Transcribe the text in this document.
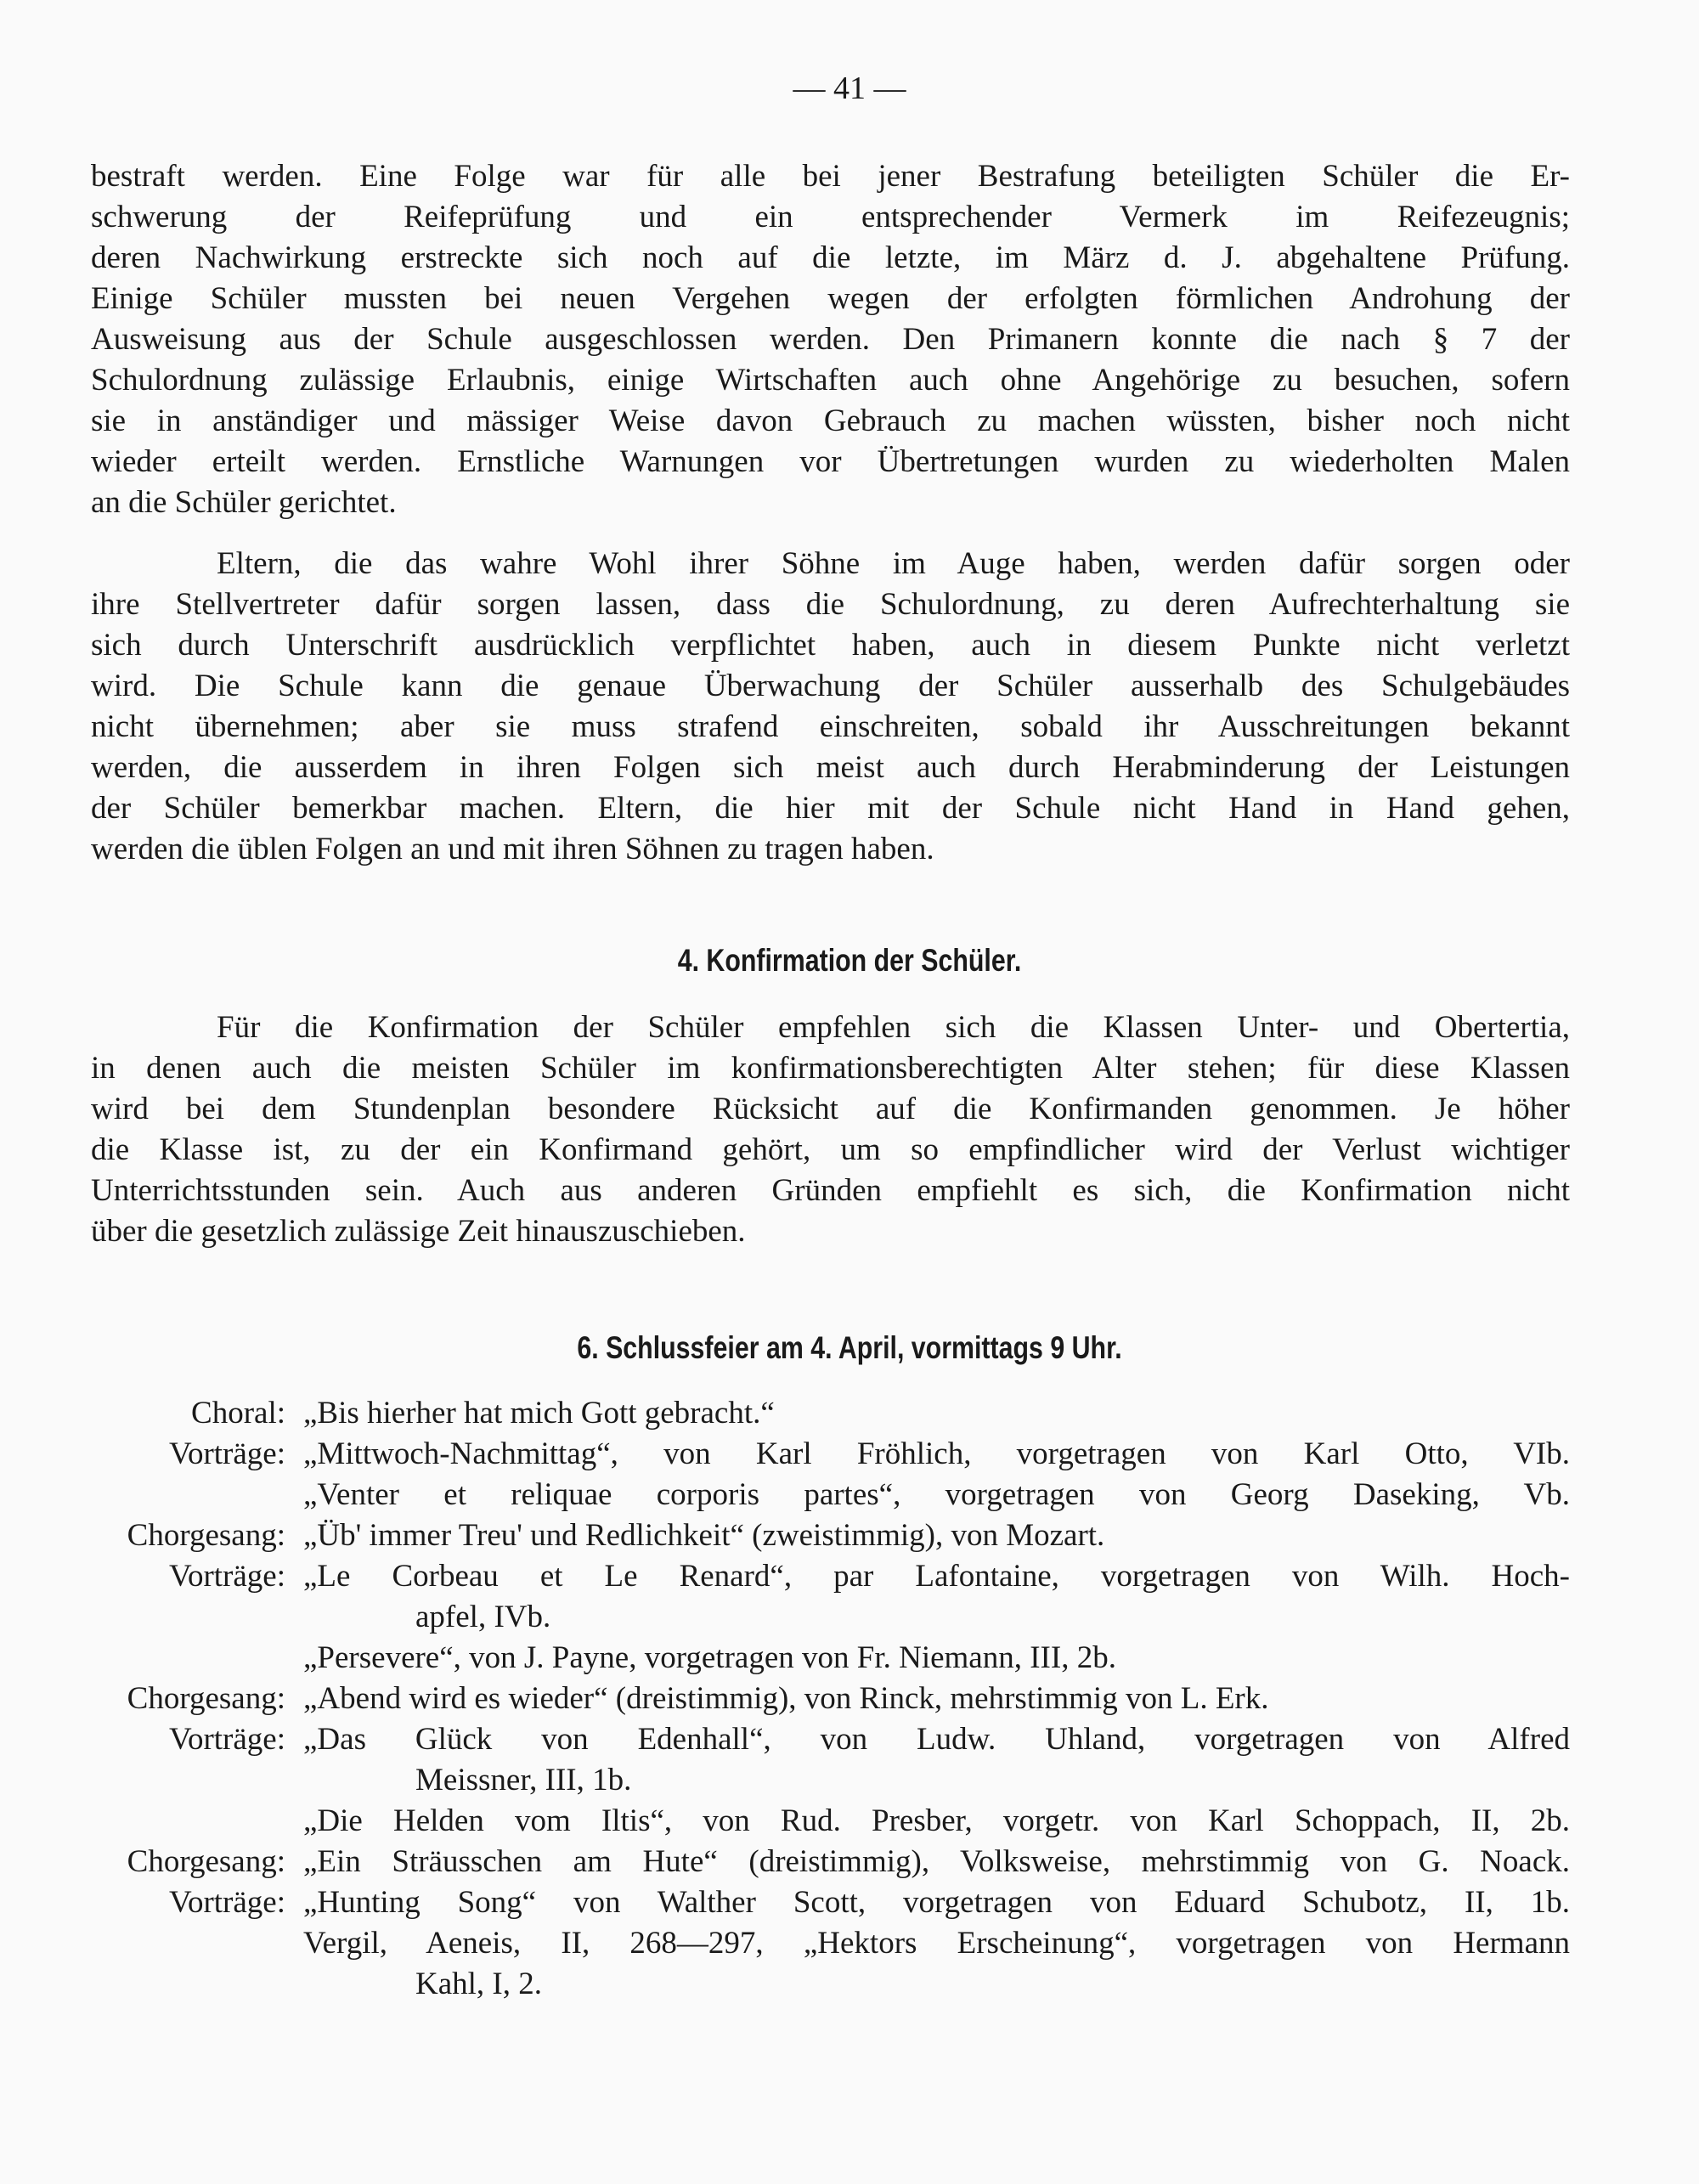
— 41 —
bestraft werden. Eine Folge war für alle bei jener Bestrafung beteiligten Schüler die Er-
schwerung der Reifeprüfung und ein entsprechender Vermerk im Reifezeugnis;
deren Nachwirkung erstreckte sich noch auf die letzte, im März d. J. abgehaltene Prüfung.
Einige Schüler mussten bei neuen Vergehen wegen der erfolgten förmlichen Androhung der
Ausweisung aus der Schule ausgeschlossen werden. Den Primanern konnte die nach § 7 der
Schulordnung zulässige Erlaubnis, einige Wirtschaften auch ohne Angehörige zu besuchen, sofern
sie in anständiger und mässiger Weise davon Gebrauch zu machen wüssten, bisher noch nicht
wieder erteilt werden. Ernstliche Warnungen vor Übertretungen wurden zu wiederholten Malen
an die Schüler gerichtet.
Eltern, die das wahre Wohl ihrer Söhne im Auge haben, werden dafür sorgen oder
ihre Stellvertreter dafür sorgen lassen, dass die Schulordnung, zu deren Aufrechterhaltung sie
sich durch Unterschrift ausdrücklich verpflichtet haben, auch in diesem Punkte nicht verletzt
wird. Die Schule kann die genaue Überwachung der Schüler ausserhalb des Schulgebäudes
nicht übernehmen; aber sie muss strafend einschreiten, sobald ihr Ausschreitungen bekannt
werden, die ausserdem in ihren Folgen sich meist auch durch Herabminderung der Leistungen
der Schüler bemerkbar machen. Eltern, die hier mit der Schule nicht Hand in Hand gehen,
werden die üblen Folgen an und mit ihren Söhnen zu tragen haben.
4. Konfirmation der Schüler.
Für die Konfirmation der Schüler empfehlen sich die Klassen Unter- und Obertertia,
in denen auch die meisten Schüler im konfirmationsberechtigten Alter stehen; für diese Klassen
wird bei dem Stundenplan besondere Rücksicht auf die Konfirmanden genommen. Je höher
die Klasse ist, zu der ein Konfirmand gehört, um so empfindlicher wird der Verlust wichtiger
Unterrichtsstunden sein. Auch aus anderen Gründen empfiehlt es sich, die Konfirmation nicht
über die gesetzlich zulässige Zeit hinauszuschieben.
6. Schlussfeier am 4. April, vormittags 9 Uhr.
Choral: „Bis hierher hat mich Gott gebracht.“
Vorträge: „Mittwoch-Nachmittag“, von Karl Fröhlich, vorgetragen von Karl Otto, VIb.
„Venter et reliquae corporis partes“, vorgetragen von Georg Daseking, Vb.
Chorgesang: „Üb' immer Treu' und Redlichkeit“ (zweistimmig), von Mozart.
Vorträge: „Le Corbeau et Le Renard“, par Lafontaine, vorgetragen von Wilh. Hoch-
apfel, IVb.
„Persevere“, von J. Payne, vorgetragen von Fr. Niemann, III, 2b.
Chorgesang: „Abend wird es wieder“ (dreistimmig), von Rinck, mehrstimmig von L. Erk.
Vorträge: „Das Glück von Edenhall“, von Ludw. Uhland, vorgetragen von Alfred
Meissner, III, 1b.
„Die Helden vom Iltis“, von Rud. Presber, vorgetr. von Karl Schoppach, II, 2b.
Chorgesang: „Ein Sträusschen am Hute“ (dreistimmig), Volksweise, mehrstimmig von G. Noack.
Vorträge: „Hunting Song“ von Walther Scott, vorgetragen von Eduard Schubotz, II, 1b.
Vergil, Aeneis, II, 268—297, „Hektors Erscheinung“, vorgetragen von Hermann
Kahl, I, 2.
